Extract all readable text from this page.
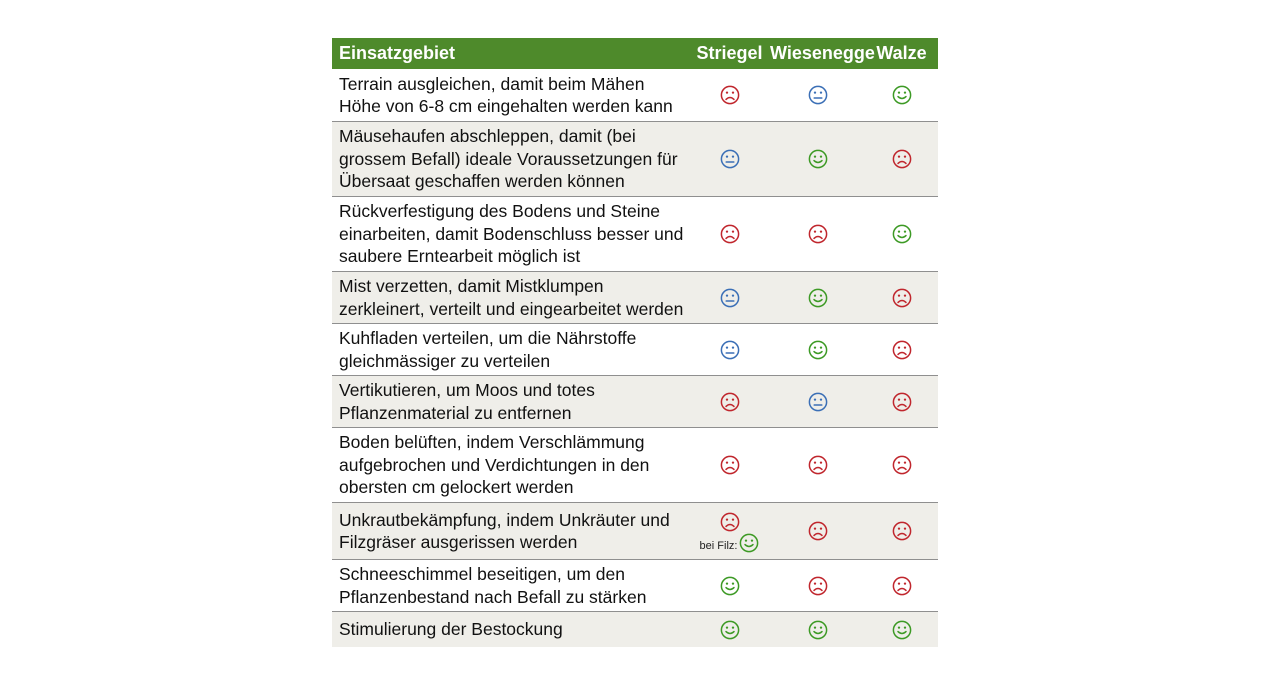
Einsatzgebiet	Striegel Wiesenegge Walze
Terrain ausgleichen, damit beim Mähen Höhe von 6-8 cm eingehalten werden kann
Mäusehaufen abschleppen, damit (bei grossem Befall) ideale Voraussetzungen für Übersaat geschaffen werden können
Rückverfestigung des Bodens und Steine einarbeiten, damit Bodenschluss besser und saubere Erntearbeit möglich ist
Mist verzetten, damit Mistklumpen zerkleinert, verteilt und eingearbeitet werden
Kuhfladen verteilen, um die Nährstoffe gleichmässiger zu verteilen
Vertikutieren, um Moos und totes Pflanzenmaterial zu entfernen
Boden belüften, indem Verschlämmung aufgebrochen und Verdichtungen in den obersten cm gelockert werden
Unkrautbekämpfung, indem Unkräuter und Filzgräser ausgerissen werden	bei Filz:
Schneeschimmel beseitigen, um den Pflanzenbestand nach Befall zu stärken
Stimulierung der Bestockung
